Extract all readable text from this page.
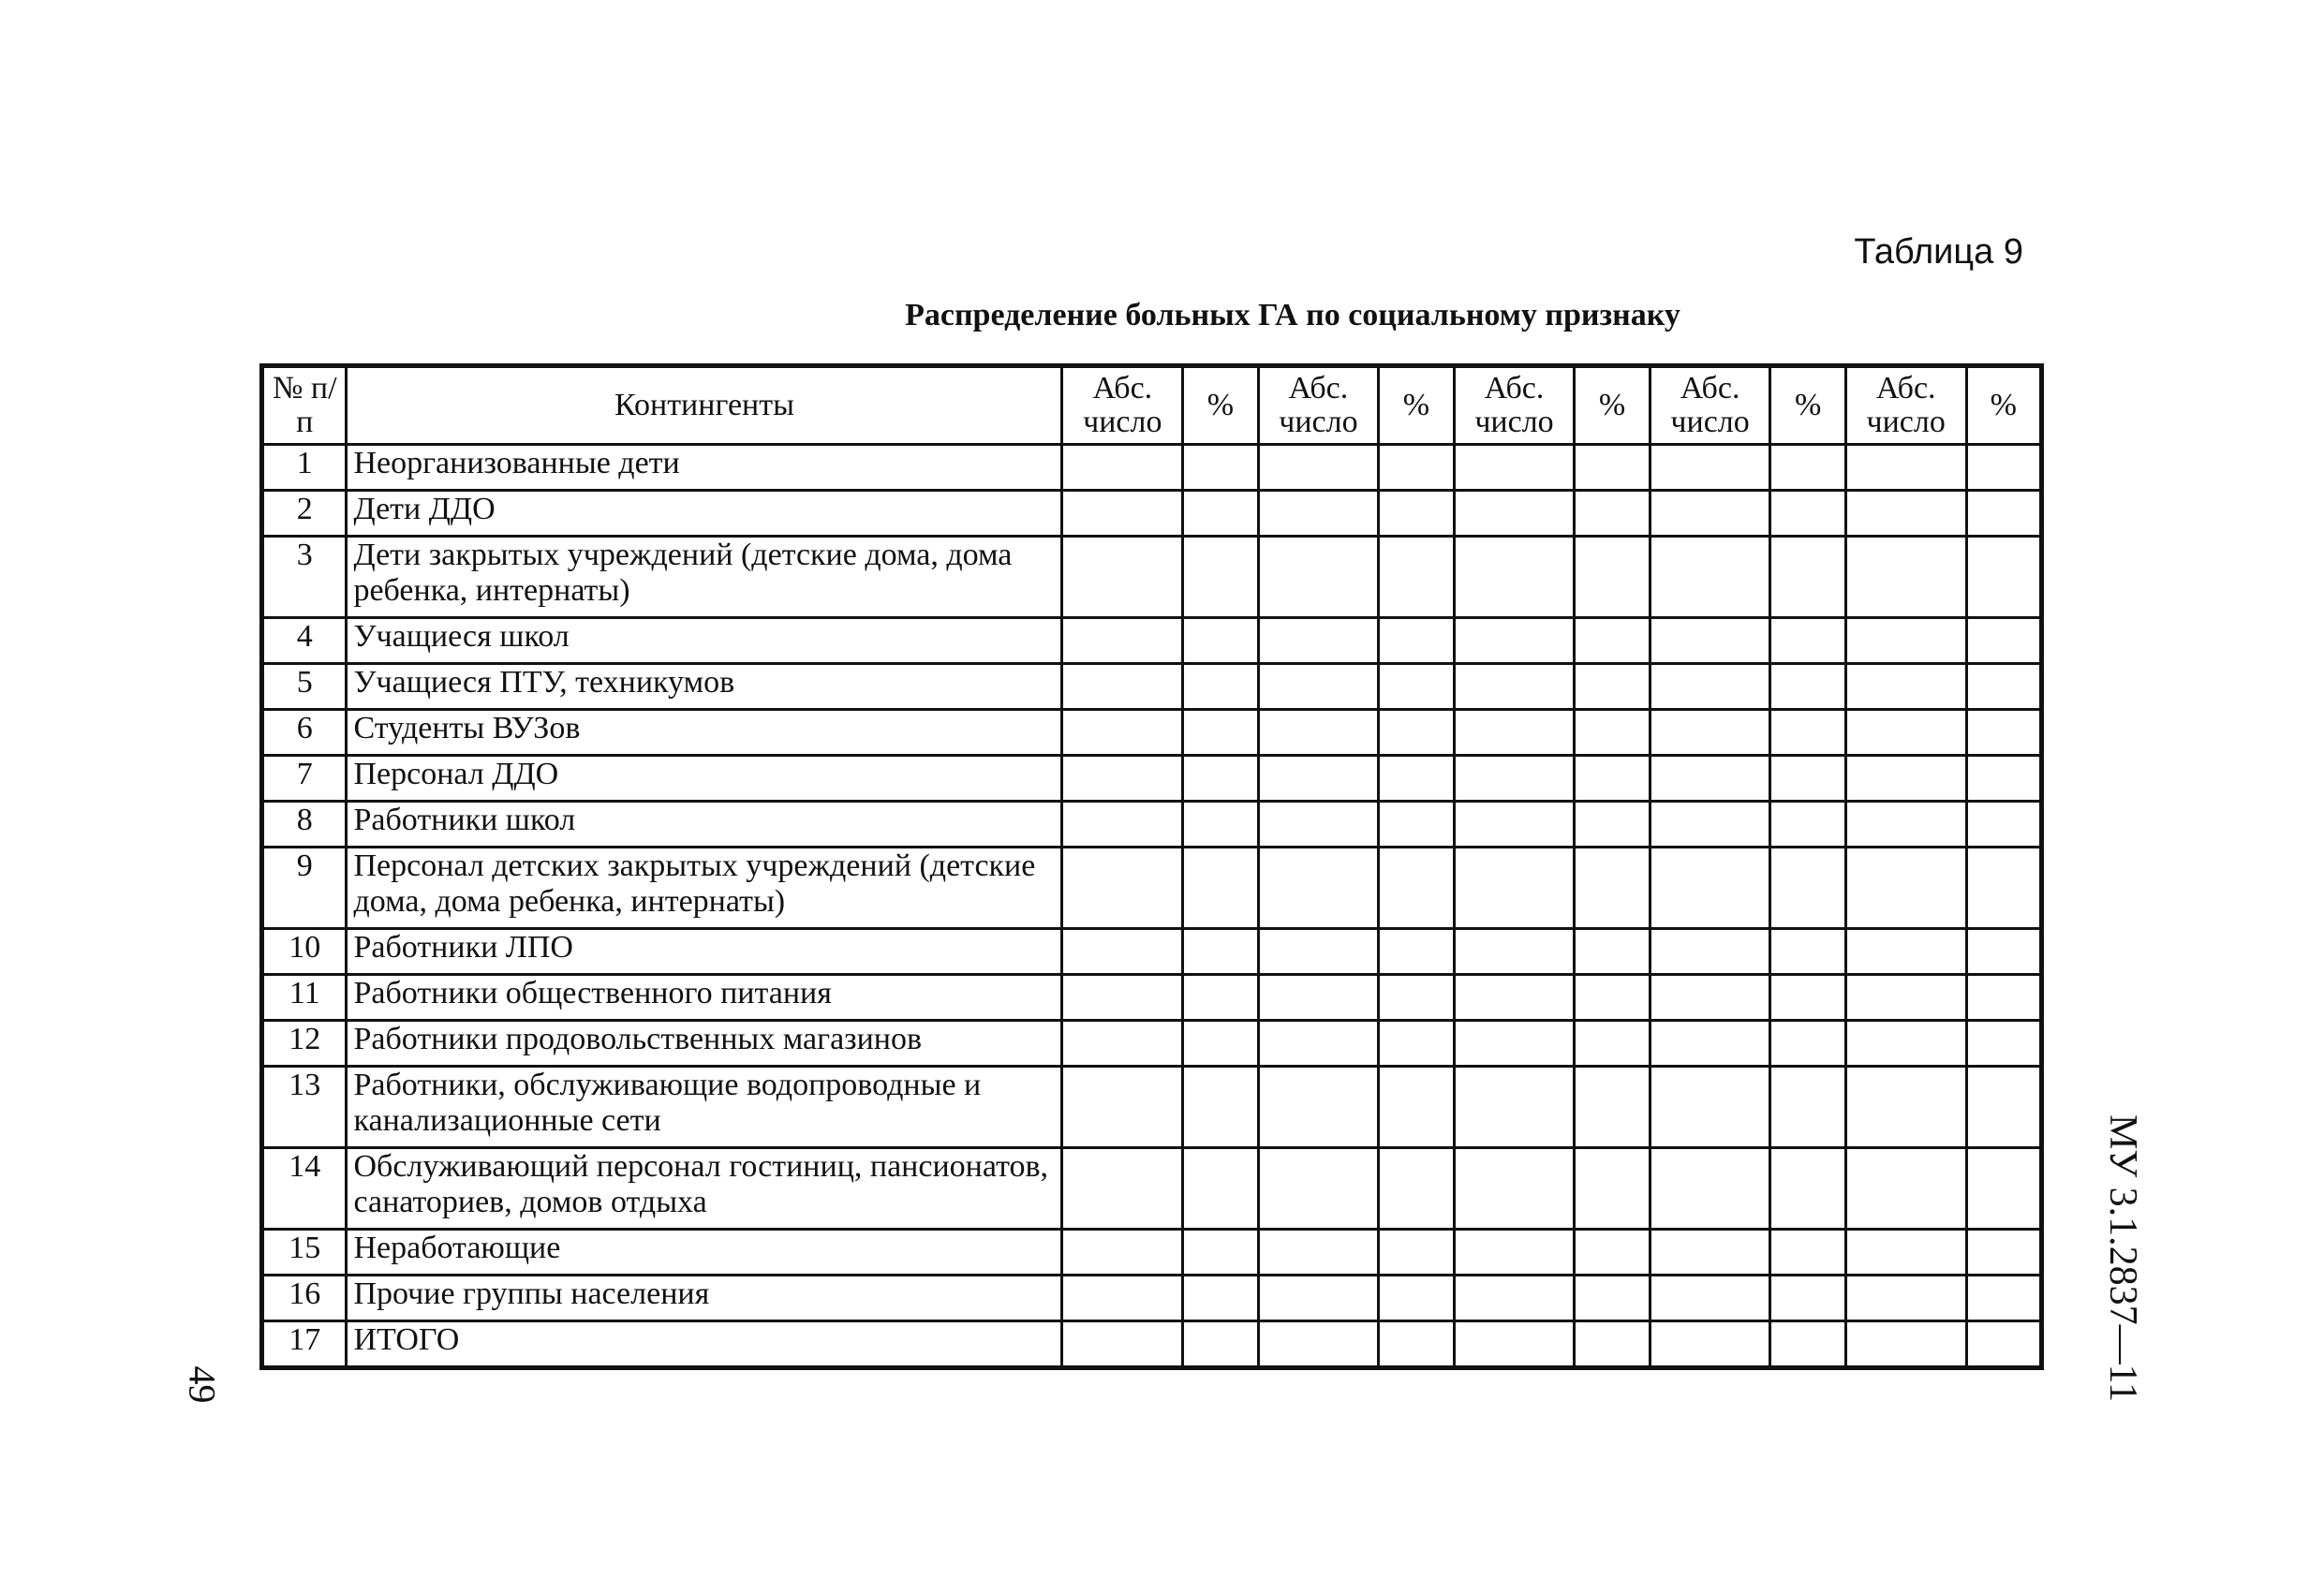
Таблица 9
Распределение больных ГА по социальному признаку
№ п/п	Контингенты	Абс. число	%	Абс. число	%	Абс. число	%	Абс. число	%	Абс. число	%
1	Неорганизованные дети										
2	Дети ДДО										
3	Дети закрытых учреждений (детские дома, дома ребенка, интернаты)										
4	Учащиеся школ										
5	Учащиеся ПТУ, техникумов										
6	Студенты ВУЗов										
7	Персонал ДДО										
8	Работники школ										
9	Персонал детских закрытых учреждений (детские дома, дома ребенка, интернаты)										
10	Работники ЛПО										
11	Работники общественного питания										
12	Работники продовольственных магазинов										
13	Работники, обслуживающие водопроводные и канализационные сети										
14	Обслуживающий персонал гостиниц, пансионатов, санаториев, домов отдыха										
15	Неработающие										
16	Прочие группы населения										
17	ИТОГО											МУ 3.1.2837—11
49
